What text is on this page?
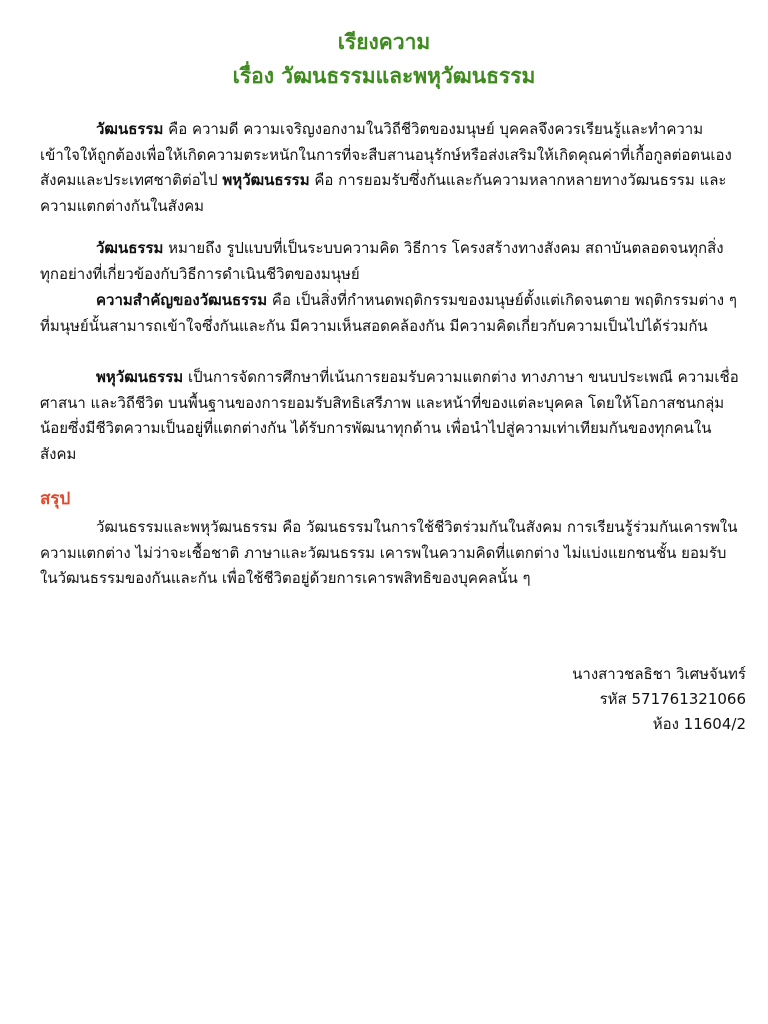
เรียงความ
เรื่อง วัฒนธรรมและพหุวัฒนธรรม

วัฒนธรรม คือ ความดี ความเจริญงอกงามในวิถีชีวิตของมนุษย์ บุคคลจึงควรเรียนรู้และทำความเข้าใจให้ถูกต้องเพื่อให้เกิดความตระหนักในการที่จะสืบสานอนุรักษ์หรือส่งเสริมให้เกิดคุณค่าที่เกื้อกูลต่อตนเอง สังคมและประเทศชาติต่อไป พหุวัฒนธรรม คือ การยอมรับซึ่งกันและกันความหลากหลายทางวัฒนธรรม และความแตกต่างกันในสังคม

วัฒนธรรม หมายถึง รูปแบบที่เป็นระบบความคิด วิธีการ โครงสร้างทางสังคม สถาบันตลอดจนทุกสิ่งทุกอย่างที่เกี่ยวข้องกับวิธีการดำเนินชีวิตของมนุษย์

ความสำคัญของวัฒนธรรม คือ เป็นสิ่งที่กำหนดพฤติกรรมของมนุษย์ตั้งแต่เกิดจนตาย พฤติกรรมต่าง ๆ ที่มนุษย์นั้นสามารถเข้าใจซึ่งกันและกัน มีความเห็นสอดคล้องกัน มีความคิดเกี่ยวกับความเป็นไปได้ร่วมกัน

พหุวัฒนธรรม เป็นการจัดการศึกษาที่เน้นการยอมรับความแตกต่าง ทางภาษา ขนบประเพณี ความเชื่อ ศาสนา และวิถีชีวิต บนพื้นฐานของการยอมรับสิทธิเสรีภาพ และหน้าที่ของแต่ละบุคคล โดยให้โอกาสชนกลุ่มน้อยซึ่งมีชีวิตความเป็นอยู่ที่แตกต่างกัน ได้รับการพัฒนาทุกด้าน เพื่อนำไปสู่ความเท่าเทียมกันของทุกคนในสังคม

สรุป

วัฒนธรรมและพหุวัฒนธรรม คือ วัฒนธรรมในการใช้ชีวิตร่วมกันในสังคม การเรียนรู้ร่วมกันเคารพในความแตกต่าง ไม่ว่าจะเชื้อชาติ ภาษาและวัฒนธรรม เคารพในความคิดที่แตกต่าง ไม่แบ่งแยกชนชั้น ยอมรับในวัฒนธรรมของกันและกัน เพื่อใช้ชีวิตอยู่ด้วยการเคารพสิทธิของบุคคลนั้น ๆ

นางสาวชลธิชา วิเศษจันทร์
รหัส 571761321066
ห้อง 11604/2
